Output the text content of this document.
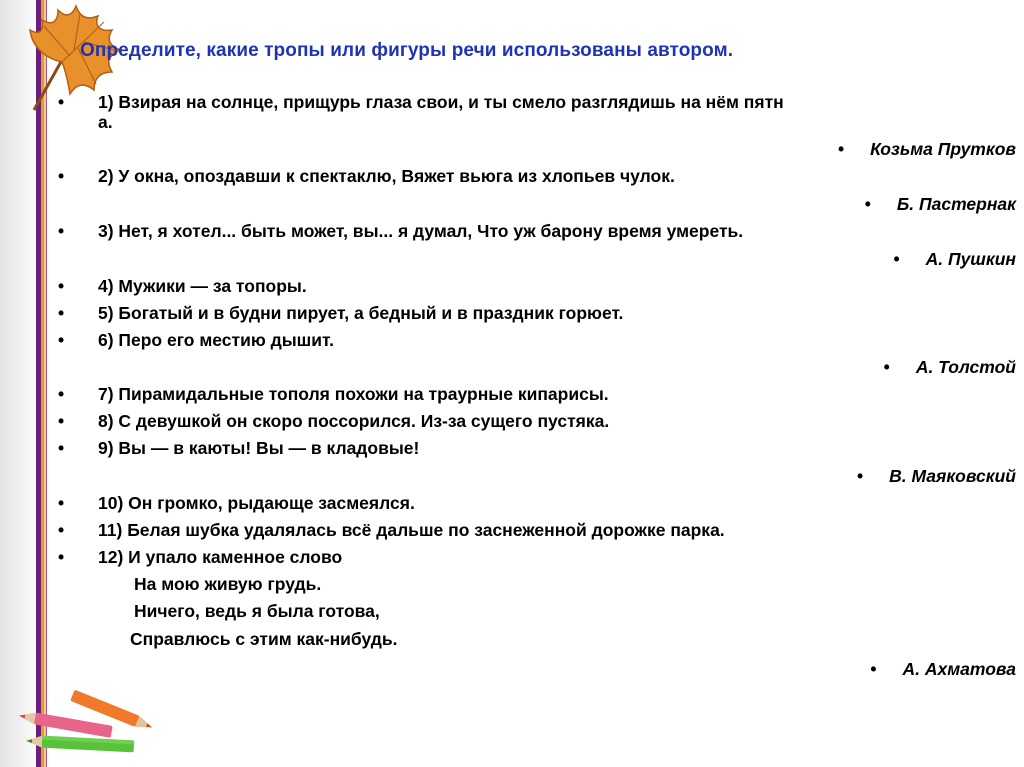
Определите, какие тропы или фигуры речи использованы автором.
•	1) Взирая на солнце, прищурь глаза свои, и ты смело разглядишь на нём пятн
а.
• Козьма Прутков
•	2) У окна, опоздавши к спектаклю, Вяжет вьюга из хлопьев чулок.
• Б. Пастернак
•	3) Нет, я хотел... быть может, вы... я думал, Что уж барону время умереть.
• А. Пушкин
•	4) Мужики — за топоры.
•	5) Богатый и в будни пирует, а бедный и в праздник горюет.
•	6) Перо его местию дышит.
• А. Толстой
•	7) Пирамидальные тополя похожи на траурные кипарисы.
•	8) С девушкой он скоро поссорился. Из-за сущего пустяка.
•	9) Вы — в каюты! Вы — в кладовые!
• В. Маяковский
•	10) Он громко, рыдающе засмеялся.
•	11) Белая шубка удалялась всё дальше по заснеженной дорожке парка.
•	12) И упало каменное слово
На мою живую грудь.
Ничего, ведь я была готова,
Справлюсь с этим как-нибудь.
• А. Ахматова
